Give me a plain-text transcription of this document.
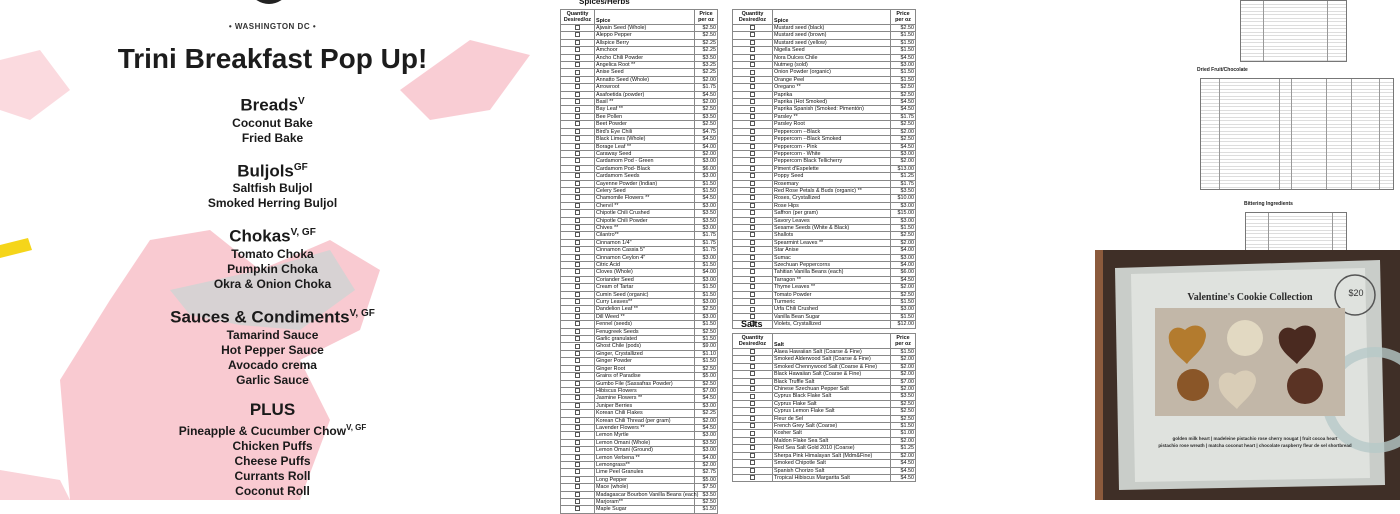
• WASHINGTON DC •
Trini Breakfast Pop Up!
Breads$^V$
Coconut Bake
Fried Bake
Buljols$^{GF}$
Saltfish Buljol
Smoked Herring Buljol
Chokas$^{V, GF}$
Tomato Choka
Pumpkin Choka
Okra & Onion Choka
Sauces & Condiments$^{V, GF}$
Tamarind Sauce
Hot Pepper Sauce
Avocado crema
Garlic Sauce
PLUS
Pineapple & Cucumber Chow$^{V, GF}$
Chicken Puffs
Cheese Puffs
Currants Roll
Coconut Roll
Spices/Herbs
Quantity Desired/oz	Spice	Price per oz
	Ajwain Seed (Whole)	$2.50
	Aleppo Pepper	$2.50
	Allspice Berry	$2.25
	Amchoor	$2.25
	Ancho Chili Powder	$3.50
	Angelica Root **	$3.25
	Anise Seed	$2.25
	Annatto Seed (Whole)	$2.00
	Arrowroot	$1.75
	Asafoetida (powder)	$4.50
	Basil **	$2.00
	Bay Leaf **	$2.50
	Bee Pollen	$3.50
	Beet Powder	$2.50
	Bird's Eye Chili	$4.75
	Black Limes (Whole)	$4.50
	Borage Leaf **	$4.00
	Caraway Seed	$2.00
	Cardamom Pod - Green	$3.00
	Cardamom Pod- Black	$6.00
	Cardamom Seeds	$3.00
	Cayenne Powder (Indian)	$1.50
	Celery Seed	$1.50
	Chamomile Flowers **	$4.50
	Chervil **	$3.00
	Chipotle Chili Crushed	$3.50
	Chipotle Chili Powder	$3.50
	Chives **	$3.00
	Cilantro**	$1.75
	Cinnamon 1/4"	$1.75
	Cinnamon Cassia 5"	$1.75
	Cinnamon Ceylon 4"	$3.00
	Citric Acid	$1.50
	Cloves (Whole)	$4.00
	Coriander Seed	$3.00
	Cream of Tartar	$1.50
	Cumin Seed (organic)	$1.50
	Curry Leaves**	$3.00
	Dandelion Leaf **	$2.50
	Dill Weed **	$3.00
	Fennel (seeds)	$1.50
	Fenugreek Seeds	$2.50
	Garlic granulated	$1.50
	Ghost Chile (pods)	$9.00
	Ginger, Crystallized	$1.10
	Ginger Powder	$1.50
	Ginger Root	$2.50
	Grains of Paradise	$5.00
	Gumbo File (Sassafras Powder)	$2.50
	Hibiscus Flowers	$7.00
	Jasmine Flowers **	$4.50
	Juniper Berries	$3.00
	Korean Chili Flakes	$2.25
	Korean Chili Thread (per gram)	$2.00
	Lavender Flowers **	$4.50
	Lemon Myrtle	$3.00
	Lemon Omani (Whole)	$3.50
	Lemon Omani (Ground)	$3.00
	Lemon Verbena **	$4.00
	Lemongrass**	$2.00
	Lime Peel Granules	$2.75
	Long Pepper	$5.00
	Mace (whole)	$7.50
	Madagascar Bourbon Vanilla Beans (each)	$3.50
	Marjoram**	$2.50
	Maple Sugar	$1.50
Quantity Desired/oz	Spice	Price per oz
	Mustard seed (black)	$2.50
	Mustard seed (brown)	$1.50
	Mustard seed (yellow)	$1.50
	Nigella Seed	$1.50
	Nora Dulces Chile	$4.50
	Nutmeg (sold)	$3.00
	Onion Powder (organic)	$1.50
	Orange Peel	$1.50
	Oregano **	$2.50
	Paprika	$2.50
	Paprika (Hot Smoked)	$4.50
	Paprika Spanish (Smoked: Pimentón)	$4.50
	Parsley **	$1.75
	Parsley Root	$2.50
	Peppercorn --Black	$2.00
	Peppercorn --Black Smoked	$2.50
	Peppercorn - Pink	$4.50
	Peppercorn - White	$3.00
	Peppercorn Black Tellicherry	$2.00
	Piment d'Espelette	$13.00
	Poppy Seed	$1.25
	Rosemary	$1.75
	Red Rose Petals & Buds (organic) **	$3.50
	Roses, Crystallized	$10.00
	Rose Hips	$3.00
	Saffron (per gram)	$15.00
	Savory Leaves	$3.00
	Sesame Seeds (White & Black)	$1.50
	Shallots	$2.50
	Spearmint Leaves **	$2.00
	Star Anise	$4.00
	Sumac	$3.00
	Szechuan Peppercorns	$4.00
	Tahitian Vanilla Beans (each)	$6.00
	Tarragon **	$4.50
	Thyme Leaves **	$2.00
	Tomato Powder	$2.50
	Turmeric	$1.50
	Urfa Chili Crushed	$3.00
	Vanilla Bean Sugar	$1.50
	Violets, Crystallized	$12.00
Salts
Quantity Desired/oz	Salt	Price per oz
	Alaea Hawaiian Salt (Coarse & Fine)	$1.50
	Smoked Alderwood Salt (Coarse & Fine)	$2.00
	Smoked Chennywood Salt (Coarse & Fine)	$2.00
	Black Hawaiian Salt (Coarse & Fine)	$2.00
	Black Truffle Salt	$7.00
	Chinese Szechuan Pepper Salt	$2.00
	Cyprus Black Flake Salt	$3.50
	Cyprus Flake Salt	$2.50
	Cyprus Lemon Flake Salt	$2.50
	Fleur de Sel	$2.50
	French Grey Salt (Coarse)	$1.50
	Kosher Salt	$1.00
	Maldon Flake Sea Salt	$2.00
	Red Sea Salt Gold 2010 (Coarse)	$1.25
	Sherpa Pink Himalayan Salt (Mdm&Fine)	$2.00
	Smoked Chipotle Salt	$4.50
	Spanish Chorizo Salt	$4.50
	Tropical Hibiscus Margarita Salt	$4.50
Dried Fruit/Chocolate
Bittering Ingredients
Valentine's Cookie Collection	$20
golden milk heart | madeleine pistachio rose cherry nougat | fruit cocoa heart
pistachio rose wreath | matcha coconut heart | chocolate raspberry fleur de sel shortbread
